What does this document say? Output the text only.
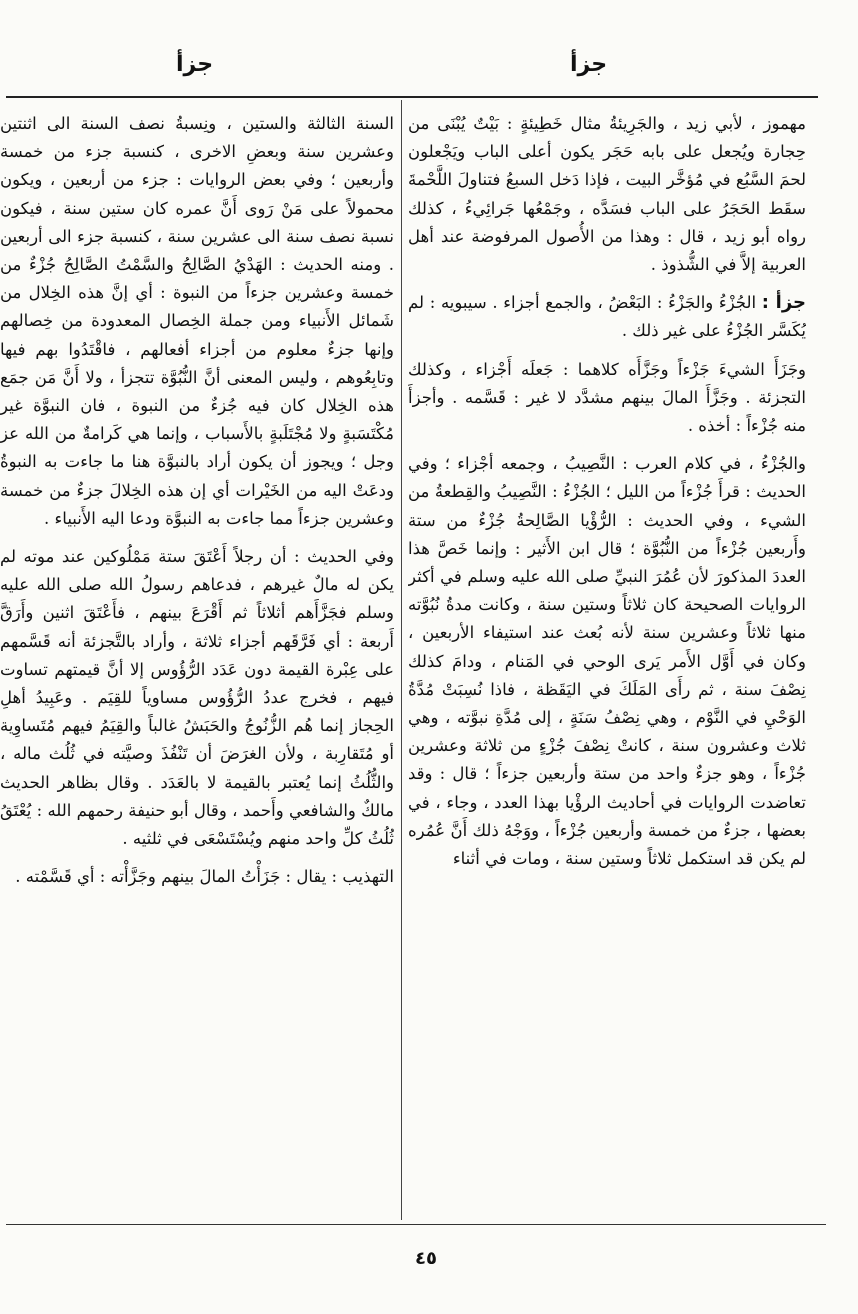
جزأ
جزأ

مهموز ، لأبي زيد ، والجَرِيئةُ مثال خَطِيئةٍ : بَيْتٌ يُبْنَى من حِجارة ويُجعل على بابه حَجَر يكون أعلى الباب ويَجْعلون لحمَ السَّبُع في مُؤخَّر البيت ، فإذا دَخل السبعُ فتناولَ اللَّحْمةَ سقَط الحَجَرُ على الباب فسَدَّه ، وجَمْعُها جَرائِيءُ ، كذلك رواه أبو زيد ، قال : وهذا من الأُصول المرفوضة عند أهل العربية إلاَّ في الشُّذوذ .

جزأ : الجُزْءُ والجَزْءُ : البَعْضُ ، والجمع أجزاء . سيبويه : لم يُكَسَّر الجُزْءُ على غير ذلك .

وجَزَأَ الشيءَ جَزْءاً وجَزَّأَه كلاهما : جَعلَه أَجْزاء ، وكذلك التجزئة . وجَزَّأَ المالَ بينهم مشدَّد لا غير : قَسَّمه . وأجزأَ منه جُزْءاً : أخذه .

والجُزْءُ ، في كلام العرب : النَّصِيبُ ، وجمعه أجْزاء ؛ وفي الحديث : قرأَ جُزْءاً من الليل ؛ الجُزْءُ : النَّصِيبُ والقِطعةُ من الشيء ، وفي الحديث : الرُّؤْيا الصَّالِحةُ جُزْءٌ من ستة وأَربعين جُزْءاً من النُّبُوَّة ؛ قال ابن الأَثير : وإنما خَصَّ هذا العددَ المذكورَ لأن عُمُرَ النبيِّ صلى الله عليه وسلم في أكثر الروايات الصحيحة كان ثلاثاً وستين سنة ، وكانت مدةُ نُبُوَّته منها ثلاثاً وعشرين سنة لأنه بُعث عند استيفاء الأربعين ، وكان في أَوَّل الأَمر يَرى الوحي في المَنام ، ودامَ كذلك نِصْفَ سنة ، ثم رأَى المَلَكَ في اليَقَظة ، فاذا نُسِبَتْ مُدَّةُ الوَحْيِ في النَّوْم ، وهي نِصْفُ سَنَةٍ ، إلى مُدَّةِ نبوَّته ، وهي ثلاث وعشرون سنة ، كانتْ نِصْفَ جُزْءٍ من ثلاثة وعشرين جُزْءاً ، وهو جزءٌ واحد من ستة وأربعين جزءاً ؛ قال : وقد تعاضدت الروايات في أحاديث الرؤْيا بهذا العدد ، وجاء ، في بعضها ، جزءٌ من خمسة وأربعين جُزْءاً ، ووَجْهُ ذلك أَنَّ عُمُره لم يكن قد استكمل ثلاثاً وستين سنة ، ومات في أثناء

السنة الثالثة والستين ، ونِسبةُ نصف السنة الى اثنتين وعشرين سنة وبعضِ الاخرى ، كنسبة جزء من خمسة وأربعين ؛ وفي بعض الروايات : جزء من أربعين ، ويكون محمولاً على مَنْ رَوى أَنَّ عمره كان ستين سنة ، فيكون نسبة نصف سنة الى عشرين سنة ، كنسبة جزء الى أربعين . ومنه الحديث : الهَدْيُ الصَّالِحُ والسَّمْتُ الصَّالِحُ جُزْءٌ من خمسة وعشرين جزءاً من النبوة : أي إنَّ هذه الخِلال من شَمائل الأَنبياء ومن جملة الخِصال المعدودة من خِصالهم وإنها جزءٌ معلوم من أجزاء أفعالهم ، فاقْتَدُوا بهم فيها وتابِعُوهم ، وليس المعنى أنَّ النُّبُوَّة تتجزأ ، ولا أَنَّ مَن جمَع هذه الخِلال كان فيه جُزءٌ من النبوة ، فان النبوَّة غير مُكْتَسَبةٍ ولا مُجْتَلَبةٍ بالأَسباب ، وإنما هي كَرامةٌ من الله عز وجل ؛ ويجوز أن يكون أراد بالنبوَّة هنا ما جاءت به النبوةُ ودعَتْ اليه من الخَيْرات أي إن هذه الخِلالَ جزءٌ من خمسة وعشرين جزءاً مما جاءت به النبوَّة ودعا اليه الأَنبياء .

وفي الحديث : أن رجلاً أَعْتَقَ ستة مَمْلُوكين عند موته لم يكن له مالٌ غيرهم ، فدعاهم رسولُ الله صلى الله عليه وسلم فجَزَّأَهم أثلاثاً ثم أَقْرَعَ بينهم ، فأَعْتَقَ اثنين وأَرَقَّ أَربعة : أي فَرَّقَهم أجزاء ثلاثة ، وأراد بالتَّجزئة أنه قَسَّمهم على عِبْرة القيمة دون عَدَد الرُّؤُوس إلا أنَّ قيمتهم تساوت فيهم ، فخرج عددُ الرُّؤُوس مساوياً للقِيَم . وعَبِيدُ أهلِ الحِجاز إنما هُم الزُّنُوجُ والحَبَشُ غالباً والقِيَمُ فيهم مُتَساوِية أو مُتَقارِبة ، ولأن الغرَضَ أن تَنْفُذَ وصيَّته في ثُلُث ماله ، والثُّلُثُ إنما يُعتبر بالقيمة لا بالعَدَد . وقال بظاهر الحديث مالكٌ والشافعي وأَحمد ، وقال أبو حنيفة رحمهم الله : يُعْتَقُ ثُلُثُ كلِّ واحد منهم ويُسْتَسْعَى في ثلثيه .

التهذيب : يقال : جَزَأْتُ المالَ بينهم وجَزَّأْته : أي قَسَّمْته .

٤٥
